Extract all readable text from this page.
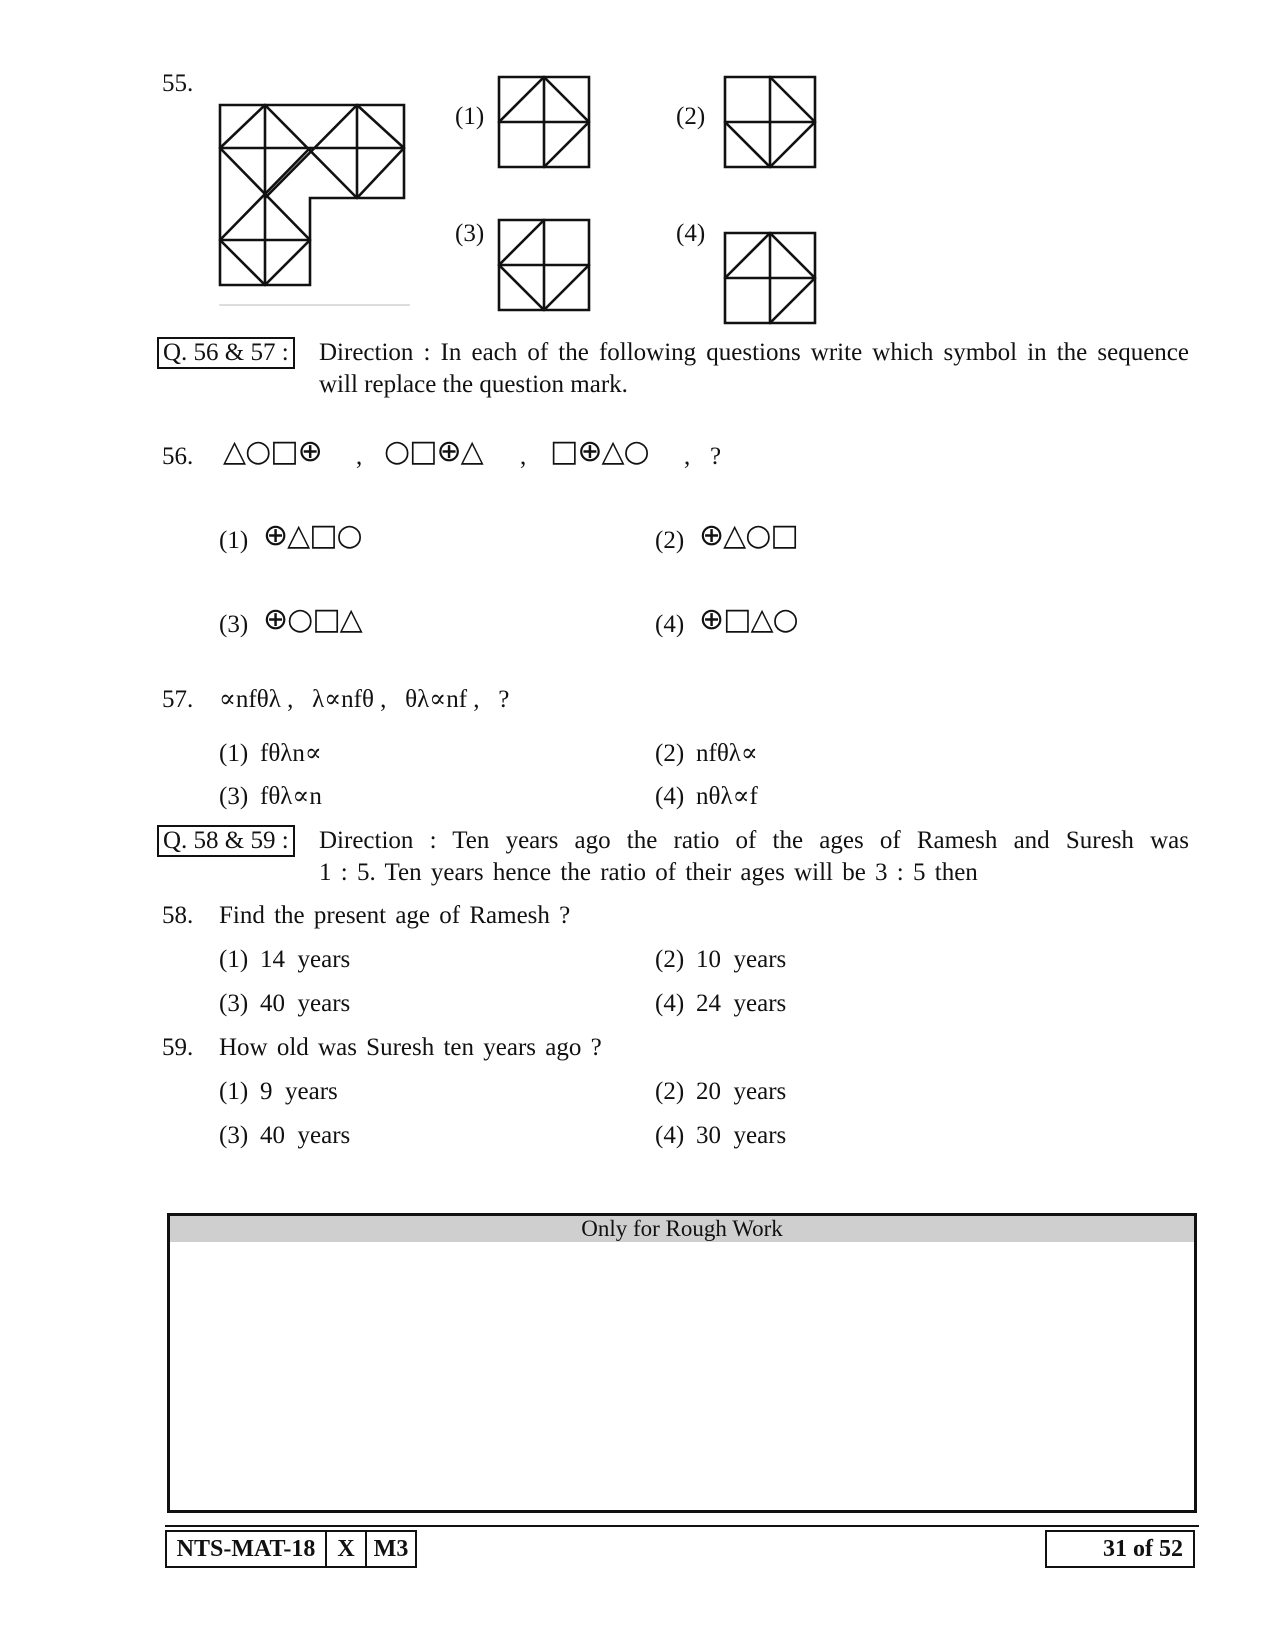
55.
(1)	(2)
(3)	(4)
Q. 56 & 57 : Direction : In each of the following questions write which symbol in the sequence
will replace the question mark.
56. △○□⊕ , ○□⊕△ , □⊕△○ , ?
(1) ⊕△□○	(2) ⊕△○□
(3) ⊕○□△	(4) ⊕□△○
57. ∝nfθλ ,   λ∝nfθ ,   θλ∝nf ,   ?
(1) fθλn∝	(2) nfθλ∝
(3) fθλ∝n	(4) nθλ∝f
Q. 58 & 59 : Direction : Ten years ago the ratio of the ages of Ramesh and Suresh was
1 : 5. Ten years hence the ratio of their ages will be 3 : 5 then
58. Find the present age of Ramesh ?
(1) 14  years	(2) 10  years
(3) 40  years	(4) 24  years
59. How old was Suresh ten years ago ?
(1) 9  years	(2) 20  years
(3) 40  years	(4) 30  years
Only for Rough Work
NTS-MAT-18 X M3	31 of 52
